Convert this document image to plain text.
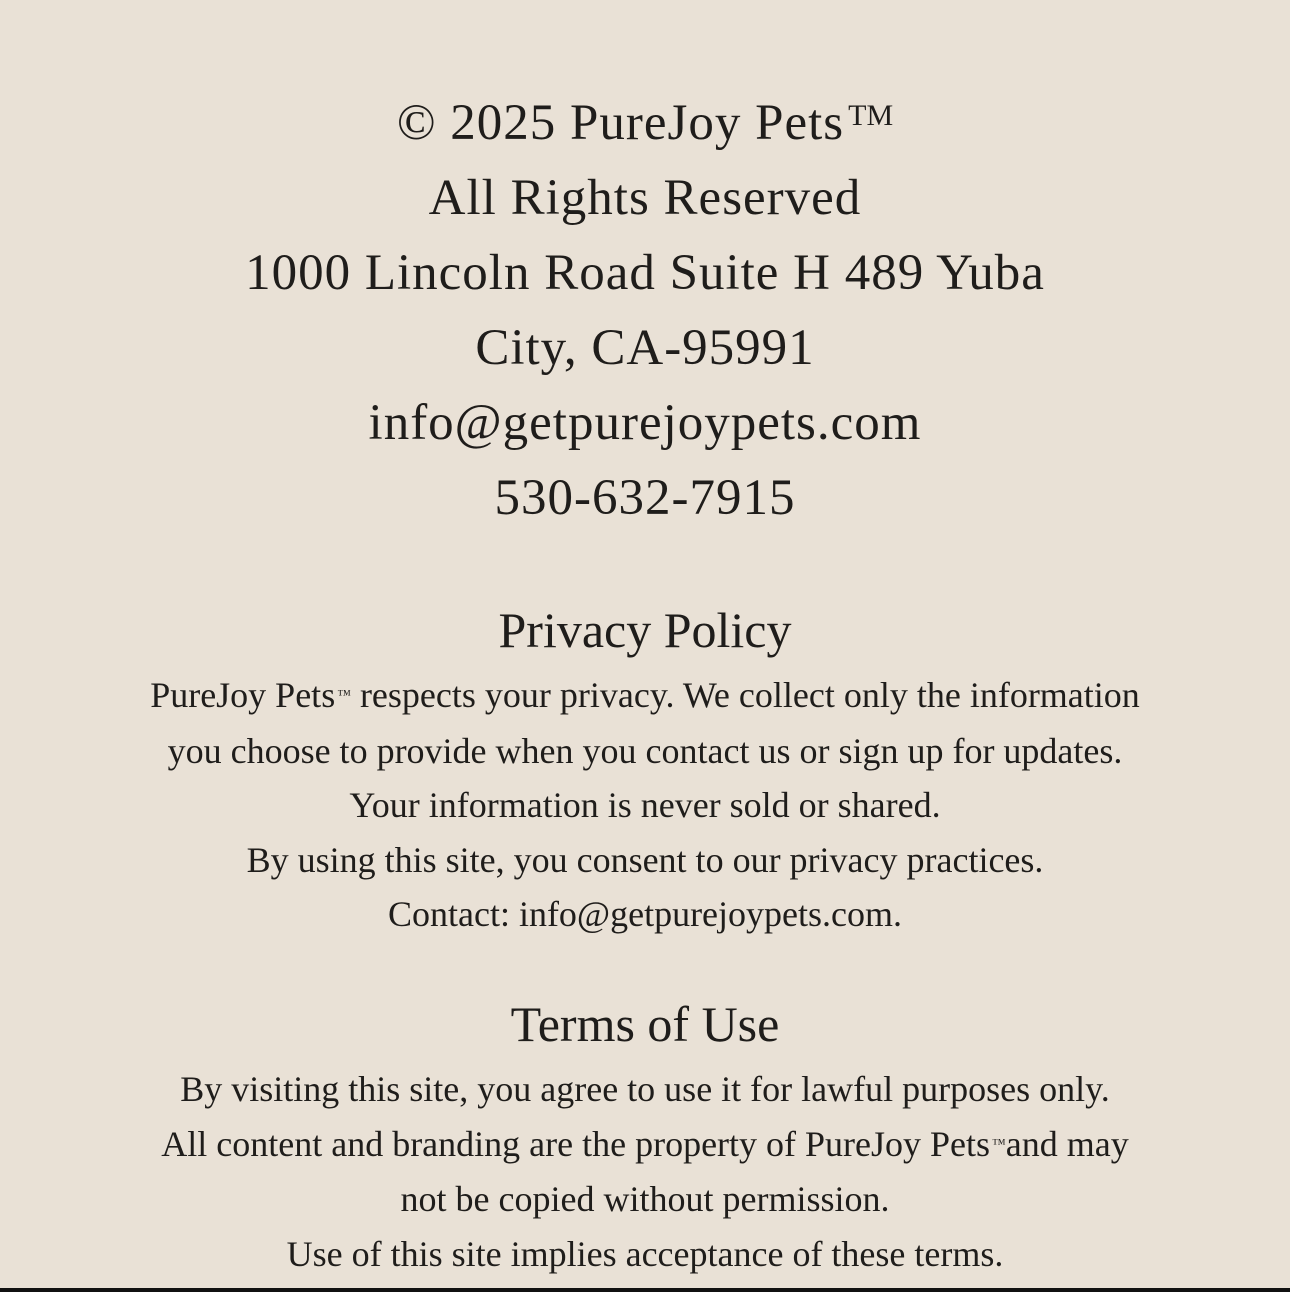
© 2025 PureJoy Pets ™
All Rights Reserved
1000 Lincoln Road Suite H 489 Yuba
City, CA-95991
info@getpurejoypets.com
530-632-7915
Privacy Policy
PureJoy Pets ™ respects your privacy. We collect only the information
you choose to provide when you contact us or sign up for updates.
Your information is never sold or shared.
By using this site, you consent to our privacy practices.
Contact: info@getpurejoypets.com.
Terms of Use
By visiting this site, you agree to use it for lawful purposes only.
All content and branding are the property of PureJoy Pets ™and may
not be copied without permission.
Use of this site implies acceptance of these terms.
